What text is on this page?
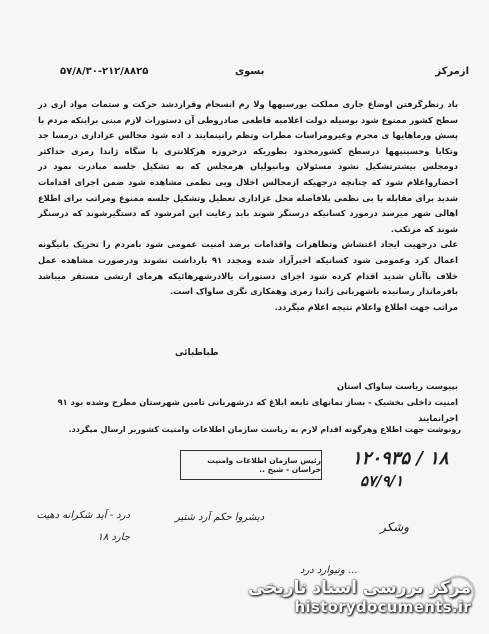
ازمرکز
بسوی
۵۷/۸/۳۰-۲۱۲/۸۸۲۵

باد رنظرگرفتن اوضاع جاری مملکت بورسیهها ولا رم انسجام وقراردشد حرکت و ستمات مواد اری در سطح کشور ممنوع شود بوسیله دولت اعلامیه قاطعی صادروطی آن دستورات لازم مبنی براینکه مردم با پسش ورماهایها ی محرم وعیرومراسات مطرات وتظم رانینمایند د اده شود مجالس عزاداری درمسا جد وتکایا وحسینیهها درسطح کشورمحدود بطوریکه درحروزه هرکلانتری با سگاه ژاندا رمری حداکثر دومجلس بیشترتشکیل نشود مسئولان وبانیولیان هرمجلس که به تشکیل جلسه مبادرت نمود در احضارواعلام شود که چنانچه درجهیکه ازمجالس اخلال ویی نظمی مشاهده شود ضمن اجرای اقدامات شدید برای مقابله با بی نظمی بلافاصله محل عزاداری تعطیل وتشکیل جلسه ممنوع ومراتب برای اطلاع اهالی شهر میرسد درمورد کسانیکه درسنگر شوند باید رعایت این امرشود که دستگیرشوند که درسنگر شوند که مرتکب.

علی درجهیت ایجاد اغتشاش وتظاهرات واقدامات برضد امنیت عمومی شود بامردم را تحریک بانیگونه اعمال کرد وعمومی شود کسانیکه اخیرآزاد شده ومجدد ۹۱ بارداشت نشوند ودرصورت مشاهده عمل خلاف باآنان شدید اقدام کرده شود اجرای دستورات بالادرشهرهائیکه هرمای ارتشی مستقر میباشد بافرماندار رسانیده باشهربانی ژاندا رمری وهمکاری نگری ساواک است.

مراتب جهت اطلاع واعلام نتیجه اعلام میگردد.

طباطبائی

بپیوست ریاست ساواک استان

امنیت داخلی بخشیک - بساز نمانهای تابعه ابلاغ که درشهربانی تامین شهرستان مطرح وشده بود ۹۱

اجرانمایند

رونوشت جهت اطلاع وهرگونه اقدام لازم به ریاست سازمان اطلاعات وامنیت کشوربر ارسال میگردد.
رئیس سازمان اطلاعات وامنیت خراسان - شیخ ..
۱۲۰۹۳۵ / ۱۸
۵۷/۹/۱
درد - آید شکرانه دهیت جارد ۱۸
دیشروا حکم آرد شتیر
وشکر
... ونیوارد درد
مرکز بررسی اسناد تاریخی
historydocuments.ir
